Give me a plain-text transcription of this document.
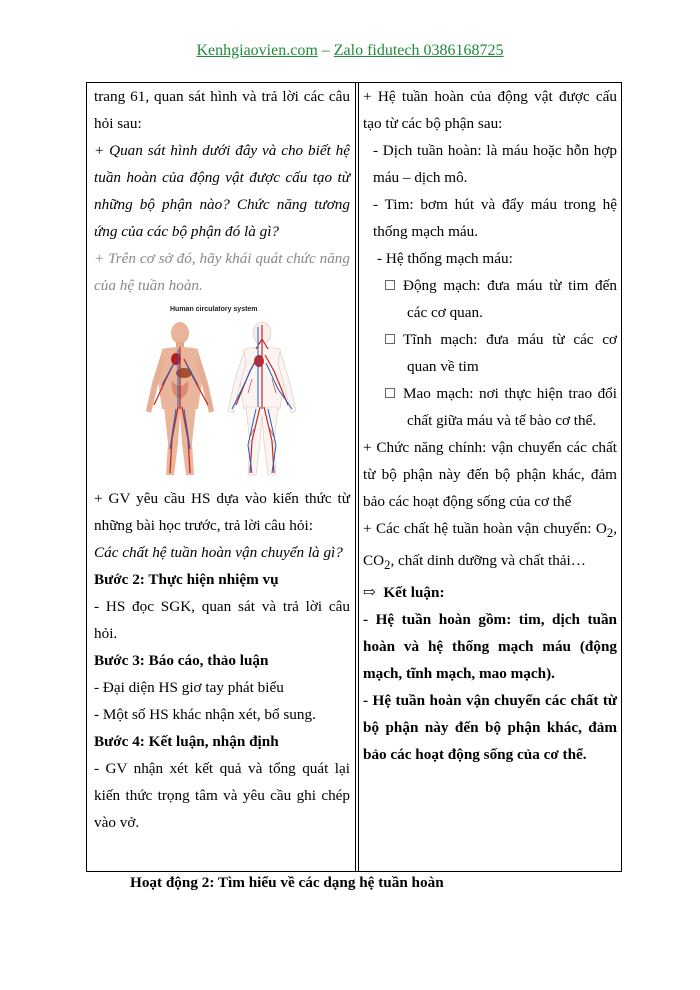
Kenhgiaovien.com – Zalo fidutech 0386168725

trang 61, quan sát hình và trả lời các câu hỏi sau:

+ Quan sát hình dưới đây và cho biết hệ tuần hoàn của động vật được cấu tạo từ những bộ phận nào? Chức năng tương ứng của các bộ phận đó là gì?

+ Trên cơ sở đó, hãy khái quát chức năng của hệ tuần hoàn.

Human circulatory system

+ GV yêu cầu HS dựa vào kiến thức từ những bài học trước, trả lời câu hỏi:

Các chất hệ tuần hoàn vận chuyển là gì?

Bước 2: Thực hiện nhiệm vụ

- HS đọc SGK, quan sát và trả lời câu hỏi.

Bước 3: Báo cáo, thảo luận

- Đại diện HS giơ tay phát biểu

- Một số HS khác nhận xét, bổ sung.

Bước 4: Kết luận, nhận định

- GV nhận xét kết quả và tổng quát lại kiến thức trọng tâm và yêu cầu ghi chép vào vở.

+ Hệ tuần hoàn của động vật được cấu tạo từ các bộ phận sau:

- Dịch tuần hoàn: là máu hoặc hỗn hợp máu – dịch mô.

- Tim: bơm hút và đẩy máu trong hệ thống mạch máu.

- Hệ thống mạch máu:

Động mạch: đưa máu từ tim đến các cơ quan.

Tĩnh mạch: đưa máu từ các cơ quan về tim

Mao mạch: nơi thực hiện trao đổi chất giữa máu và tế bào cơ thể.

+ Chức năng chính: vận chuyển các chất từ bộ phận này đến bộ phận khác, đảm bảo các hoạt động sống của cơ thể

+ Các chất hệ tuần hoàn vận chuyển: $O_2$, $CO_2$, chất dinh dưỡng và chất thải…

⇨ Kết luận:

- Hệ tuần hoàn gồm: tim, dịch tuần hoàn và hệ thống mạch máu (động mạch, tĩnh mạch, mao mạch).

- Hệ tuần hoàn vận chuyển các chất từ bộ phận này đến bộ phận khác, đảm bảo các hoạt động sống của cơ thể.

Hoạt động 2: Tìm hiểu về các dạng hệ tuần hoàn
